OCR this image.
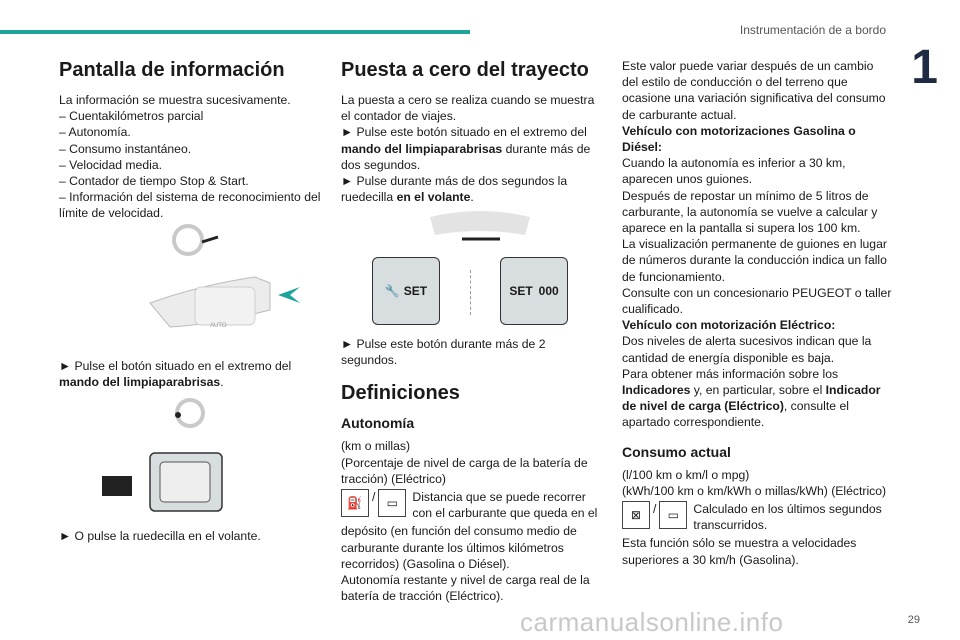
Instrumentación de a bordo
1
Pantalla de información

La información se muestra sucesivamente.

– Cuentakilómetros parcial

– Autonomía.

– Consumo instantáneo.

– Velocidad media.

– Contador de tiempo Stop & Start.

– Información del sistema de reconocimiento del límite de velocidad.

AUTO

► Pulse el botón situado en el extremo del mando del limpiaparabrisas.

► O pulse la ruedecilla en el volante.
Puesta a cero del trayecto

La puesta a cero se realiza cuando se muestra el contador de viajes.

► Pulse este botón situado en el extremo del mando del limpiaparabrisas durante más de dos segundos.

► Pulse durante más de dos segundos la ruedecilla en el volante.

🔧 SET	SET 000

► Pulse este botón durante más de 2 segundos.

Definiciones
Autonomía

(km o millas)

(Porcentaje de nivel de carga de la batería de tracción) (Eléctrico)

⛽ / ▭	Distancia que se puede recorrer con el carburante que queda en el

depósito (en función del consumo medio de carburante durante los últimos kilómetros recorridos) (Gasolina o Diésel).

Autonomía restante y nivel de carga real de la batería de tracción (Eléctrico).

Este valor puede variar después de un cambio del estilo de conducción o del terreno que ocasione una variación significativa del consumo de carburante actual.

Vehículo con motorizaciones Gasolina o Diésel:

Cuando la autonomía es inferior a 30 km, aparecen unos guiones.

Después de repostar un mínimo de 5 litros de carburante, la autonomía se vuelve a calcular y aparece en la pantalla si supera los 100 km.

La visualización permanente de guiones en lugar de números durante la conducción indica un fallo de funcionamiento.

Consulte con un concesionario PEUGEOT o taller cualificado.

Vehículo con motorización Eléctrico:

Dos niveles de alerta sucesivos indican que la cantidad de energía disponible es baja.

Para obtener más información sobre los Indicadores y, en particular, sobre el Indicador de nivel de carga (Eléctrico), consulte el apartado correspondiente.

Consumo actual

(l/100 km o km/l o mpg)

(kWh/100 km o km/kWh o millas/kWh) (Eléctrico)

⊠ / ▭	Calculado en los últimos segundos transcurridos.

Esta función sólo se muestra a velocidades superiores a 30 km/h (Gasolina).

carmanualsonline.info	29
